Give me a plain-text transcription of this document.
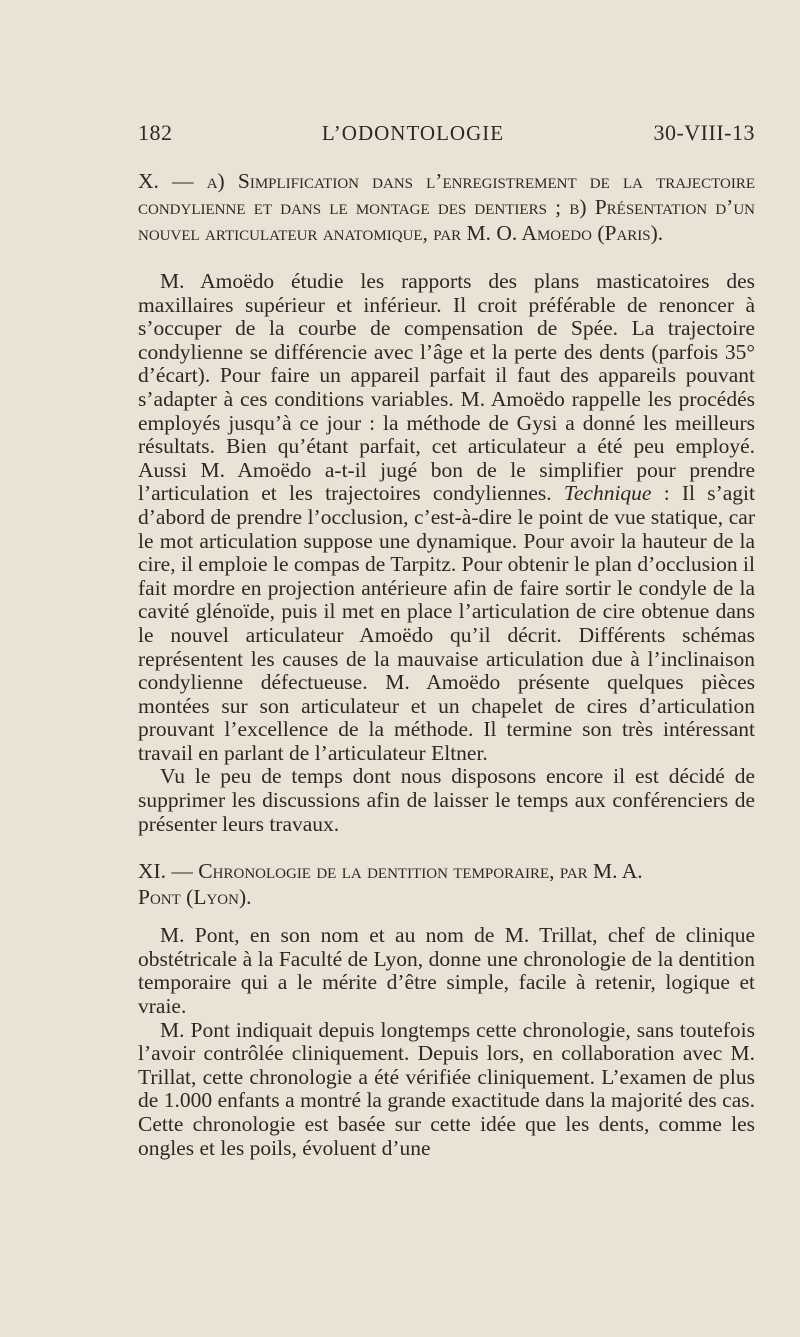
182	L’ODONTOLOGIE	30-VIII-13
X. — a) Simplification dans l’enregistrement de la trajectoire condylienne et dans le montage des dentiers ; b) Présentation d’un nouvel articulateur anatomique, par M. O. Amoedo (Paris).

M. Amoëdo étudie les rapports des plans masticatoires des maxillaires supérieur et inférieur. Il croit préférable de renoncer à s’occuper de la courbe de compensation de Spée. La trajectoire condylienne se différencie avec l’âge et la perte des dents (parfois 35° d’écart). Pour faire un appareil parfait il faut des appareils pouvant s’adapter à ces conditions variables. M. Amoëdo rappelle les procédés employés jusqu’à ce jour : la méthode de Gysi a donné les meilleurs résultats. Bien qu’étant parfait, cet articulateur a été peu employé. Aussi M. Amoëdo a-t-il jugé bon de le simplifier pour prendre l’articulation et les trajectoires condyliennes. Technique : Il s’agit d’abord de prendre l’occlusion, c’est-à-dire le point de vue statique, car le mot articulation suppose une dynamique. Pour avoir la hauteur de la cire, il emploie le compas de Tarpitz. Pour obtenir le plan d’occlusion il fait mordre en projection antérieure afin de faire sortir le condyle de la cavité glénoïde, puis il met en place l’articulation de cire obtenue dans le nouvel articulateur Amoëdo qu’il décrit. Différents schémas représentent les causes de la mauvaise articulation due à l’inclinaison condylienne défectueuse. M. Amoëdo présente quelques pièces montées sur son articulateur et un chapelet de cires d’articulation prouvant l’excellence de la méthode. Il termine son très intéressant travail en parlant de l’articulateur Eltner.

Vu le peu de temps dont nous disposons encore il est décidé de supprimer les discussions afin de laisser le temps aux conférenciers de présenter leurs travaux.

XI. — Chronologie de la dentition temporaire, par M. A.
Pont (Lyon).

M. Pont, en son nom et au nom de M. Trillat, chef de clinique obstétricale à la Faculté de Lyon, donne une chronologie de la dentition temporaire qui a le mérite d’être simple, facile à retenir, logique et vraie.

M. Pont indiquait depuis longtemps cette chronologie, sans toutefois l’avoir contrôlée cliniquement. Depuis lors, en collaboration avec M. Trillat, cette chronologie a été vérifiée cliniquement. L’examen de plus de 1.000 enfants a montré la grande exactitude dans la majorité des cas. Cette chronologie est basée sur cette idée que les dents, comme les ongles et les poils, évoluent d’une
